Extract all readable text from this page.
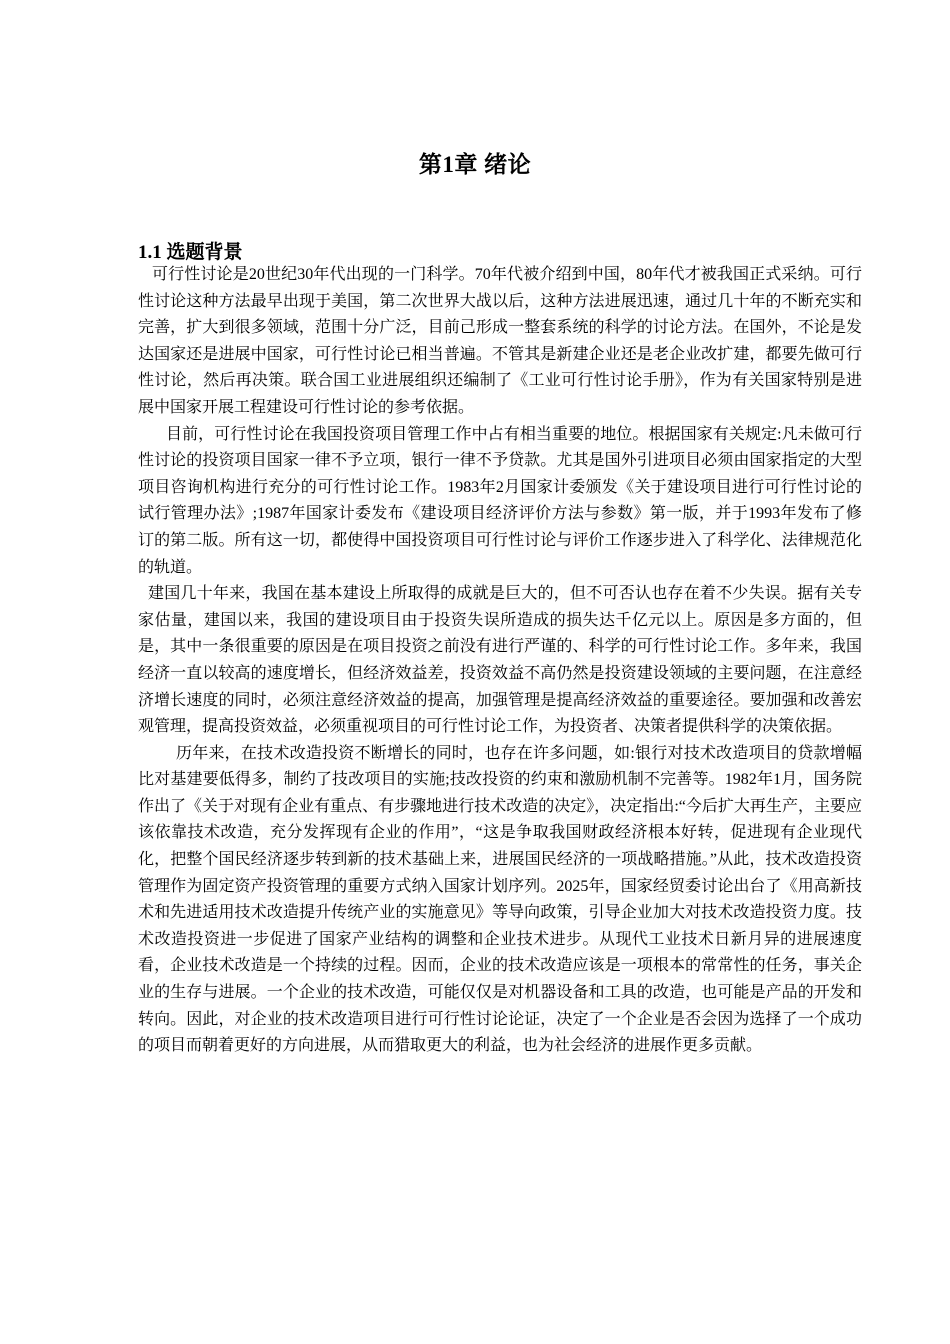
第1章 绪论
1.1 选题背景

可行性讨论是20世纪30年代出现的一门科学。70年代被介绍到中国，80年代才被我国正式采纳。可行性讨论这种方法最早出现于美国，第二次世界大战以后，这种方法进展迅速，通过几十年的不断充实和完善，扩大到很多领域，范围十分广泛，目前己形成一整套系统的科学的讨论方法。在国外，不论是发达国家还是进展中国家，可行性讨论已相当普遍。不管其是新建企业还是老企业改扩建，都要先做可行性讨论，然后再决策。联合国工业进展组织还编制了《工业可行性讨论手册》，作为有关国家特别是进展中国家开展工程建设可行性讨论的参考依据。

目前，可行性讨论在我国投资项目管理工作中占有相当重要的地位。根据国家有关规定:凡未做可行性讨论的投资项目国家一律不予立项，银行一律不予贷款。尤其是国外引进项目必须由国家指定的大型项目咨询机构进行充分的可行性讨论工作。1983年2月国家计委颁发《关于建设项目进行可行性讨论的试行管理办法》;1987年国家计委发布《建设项目经济评价方法与参数》第一版，并于1993年发布了修订的第二版。所有这一切，都使得中国投资项目可行性讨论与评价工作逐步进入了科学化、法律规范化的轨道。

建国几十年来，我国在基本建设上所取得的成就是巨大的，但不可否认也存在着不少失误。据有关专家估量，建国以来，我国的建设项目由于投资失误所造成的损失达千亿元以上。原因是多方面的，但是，其中一条很重要的原因是在项目投资之前没有进行严谨的、科学的可行性讨论工作。多年来，我国经济一直以较高的速度增长，但经济效益差，投资效益不高仍然是投资建设领域的主要问题，在注意经济增长速度的同时，必须注意经济效益的提高，加强管理是提高经济效益的重要途径。要加强和改善宏观管理，提高投资效益，必须重视项目的可行性讨论工作，为投资者、决策者提供科学的决策依据。

历年来，在技术改造投资不断增长的同时，也存在许多问题，如:银行对技术改造项目的贷款增幅比对基建要低得多，制约了技改项目的实施;技改投资的约束和激励机制不完善等。1982年1月，国务院作出了《关于对现有企业有重点、有步骤地进行技术改造的决定》，决定指出:“今后扩大再生产，主要应该依靠技术改造，充分发挥现有企业的作用”，“这是争取我国财政经济根本好转，促进现有企业现代化，把整个国民经济逐步转到新的技术基础上来，进展国民经济的一项战略措施。”从此，技术改造投资管理作为固定资产投资管理的重要方式纳入国家计划序列。2025年，国家经贸委讨论出台了《用高新技术和先进适用技术改造提升传统产业的实施意见》等导向政策，引导企业加大对技术改造投资力度。技术改造投资进一步促进了国家产业结构的调整和企业技术进步。从现代工业技术日新月异的进展速度看，企业技术改造是一个持续的过程。因而，企业的技术改造应该是一项根本的常常性的任务，事关企业的生存与进展。一个企业的技术改造，可能仅仅是对机器设备和工具的改造，也可能是产品的开发和转向。因此，对企业的技术改造项目进行可行性讨论论证，决定了一个企业是否会因为选择了一个成功的项目而朝着更好的方向进展，从而猎取更大的利益，也为社会经济的进展作更多贡献。
